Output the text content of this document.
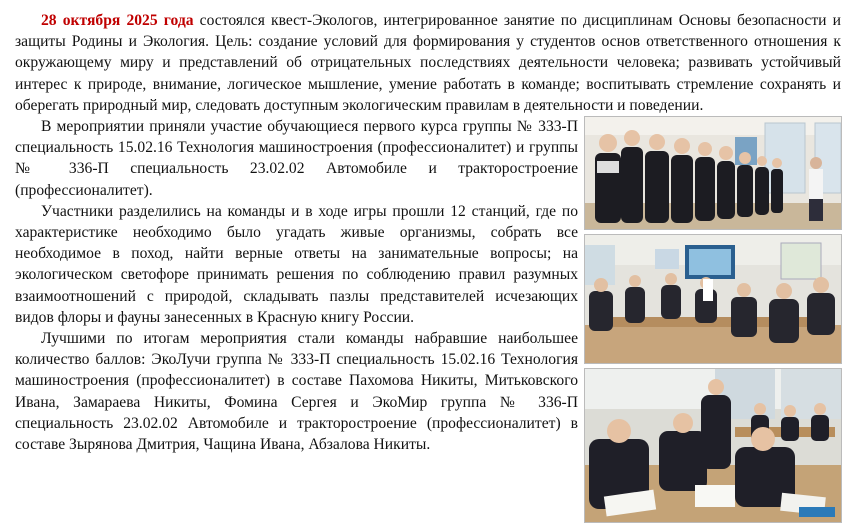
28 октября 2025 года состоялся квест-Экологов, интегрированное занятие по дисциплинам Основы безопасности и защиты Родины и Экология. Цель: создание условий для формирования у студентов основ ответственного отношения к окружающему миру и представлений об отрицательных последствиях деятельности человека; развивать устойчивый интерес к природе, внимание, логическое мышление, умение работать в команде; воспитывать стремление сохранять и оберегать природный мир, следовать доступным экологическим правилам в деятельности и поведении.

В мероприятии приняли участие обучающиеся первого курса группы № 333-П специальность 15.02.16 Технология машиностроения (профессионалитет) и группы № 336-П специальность 23.02.02 Автомобиле и тракторостроение (профессионалитет).

Участники разделились на команды и в ходе игры прошли 12 станций, где по характеристике необходимо было угадать живые организмы, собрать все необходимое в поход, найти верные ответы на занимательные вопросы; на экологическом светофоре принимать решения по соблюдению правил разумных взаимоотношений с природой, складывать пазлы представителей исчезающих видов флоры и фауны занесенных в Красную книгу России.

Лучшими по итогам мероприятия стали команды набравшие наибольшее количество баллов: ЭкоЛучи группа № 333-П специальность 15.02.16 Технология машиностроения (профессионалитет) в составе Пахомова Никиты, Митьковского Ивана, Замараева Никиты, Фомина Сергея и ЭкоМир группа № 336-П специальность 23.02.02 Автомобиле и тракторостроение (профессионалитет) в составе Зырянова Дмитрия, Чащина Ивана, Абзалова Никиты.
